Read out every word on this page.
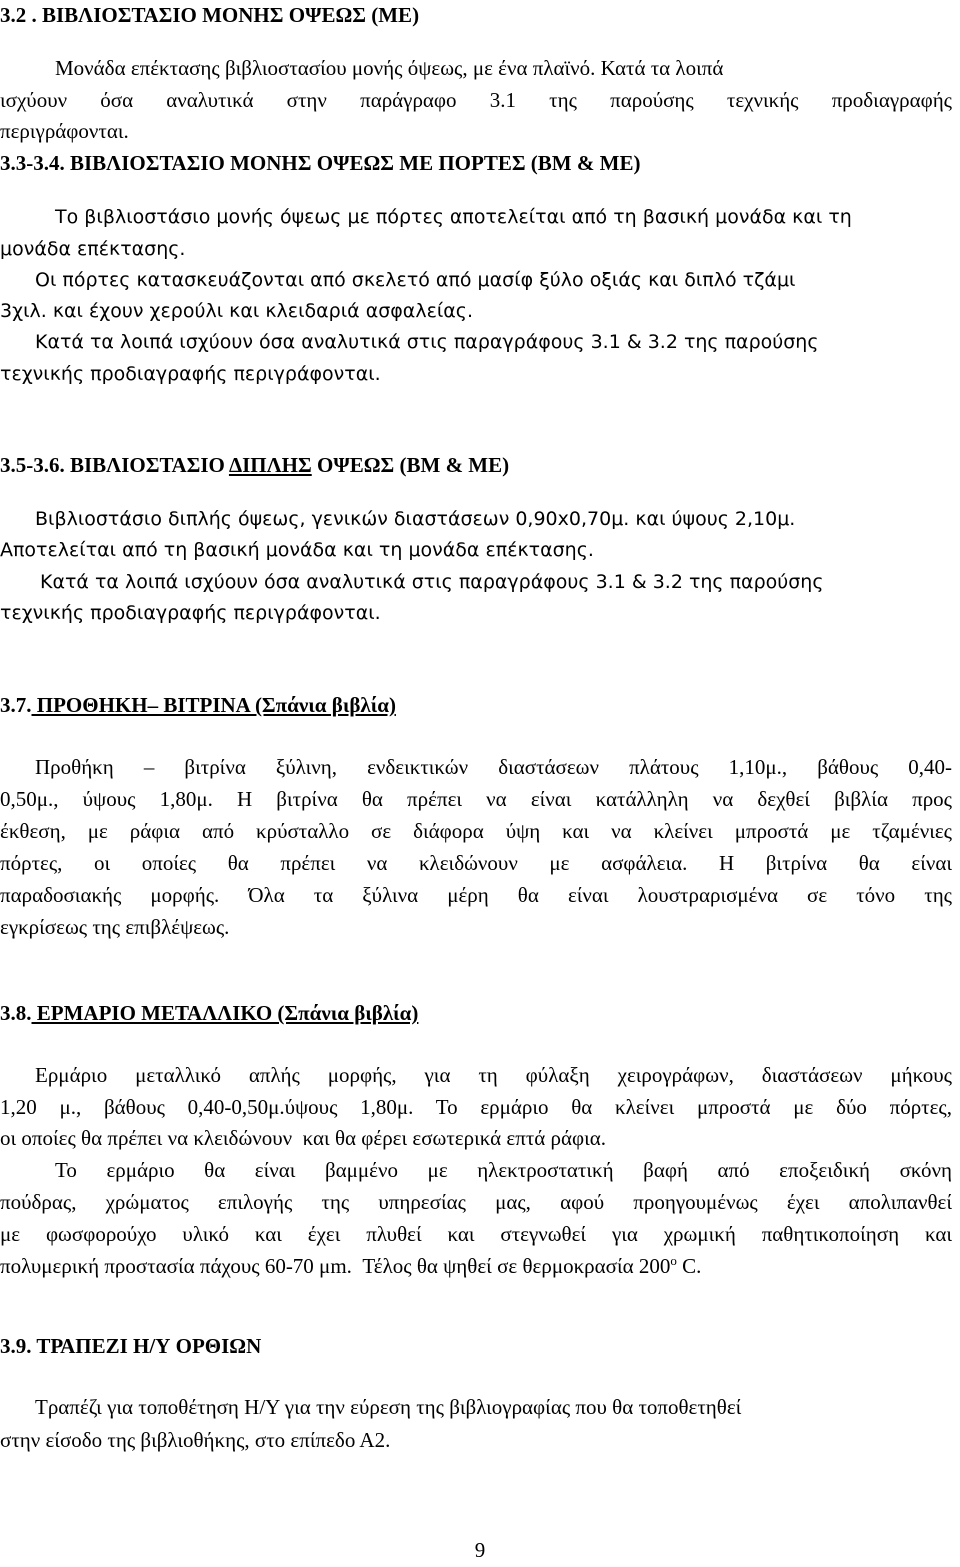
3.2 . ΒΙΒΛΙΟΣΤΑΣΙΟ ΜΟΝΗΣ ΟΨΕΩΣ (ΜΕ)
Μονάδα επέκτασης βιβλιοστασίου μονής όψεως, με ένα πλαϊνό. Κατά τα λοιπά
ισχύουν όσα αναλυτικά στην παράγραφο 3.1 της παρούσης τεχνικής προδιαγραφής
περιγράφονται.
3.3-3.4. ΒΙΒΛΙΟΣΤΑΣΙΟ ΜΟΝΗΣ ΟΨΕΩΣ ΜΕ ΠΟΡΤΕΣ (ΒΜ & ΜΕ)
Το βιβλιοστάσιο μονής όψεως με πόρτες αποτελείται από τη βασική μονάδα και τη
μονάδα επέκτασης.
Οι πόρτες κατασκευάζονται από σκελετό από μασίφ ξύλο οξιάς και διπλό τζάμι
3χιλ. και έχουν χερούλι και κλειδαριά ασφαλείας.
Κατά τα λοιπά ισχύουν όσα αναλυτικά στις παραγράφους 3.1 & 3.2 της παρούσης
τεχνικής προδιαγραφής περιγράφονται.
3.5-3.6. ΒΙΒΛΙΟΣΤΑΣΙΟ ΔΙΠΛΗΣ ΟΨΕΩΣ (ΒΜ & ΜΕ)
Βιβλιοστάσιο διπλής όψεως, γενικών διαστάσεων 0,90x0,70μ. και ύψους 2,10μ.
Αποτελείται από τη βασική μονάδα και τη μονάδα επέκτασης.
Κατά τα λοιπά ισχύουν όσα αναλυτικά στις παραγράφους 3.1 & 3.2 της παρούσης
τεχνικής προδιαγραφής περιγράφονται.
3.7. ΠΡΟΘΗΚΗ– ΒΙΤΡΙΝΑ (Σπάνια βιβλία)
Προθήκη – βιτρίνα ξύλινη, ενδεικτικών διαστάσεων πλάτους 1,10μ., βάθους 0,40-
0,50μ., ύψους 1,80μ. Η βιτρίνα θα πρέπει να είναι κατάλληλη να δεχθεί βιβλία προς
έκθεση, με ράφια από κρύσταλλο σε διάφορα ύψη και να κλείνει μπροστά με τζαμένιες
πόρτες, οι οποίες θα πρέπει να κλειδώνουν με ασφάλεια. Η βιτρίνα θα είναι
παραδοσιακής μορφής. Όλα τα ξύλινα μέρη θα είναι λουστραρισμένα σε τόνο της
εγκρίσεως της επιβλέψεως.
3.8. ΕΡΜΑΡΙΟ ΜΕΤΑΛΛΙΚΟ (Σπάνια βιβλία)
Ερμάριο μεταλλικό απλής μορφής, για τη φύλαξη χειρογράφων, διαστάσεων μήκους
1,20 μ., βάθους 0,40-0,50μ.ύψους 1,80μ. Το ερμάριο θα κλείνει μπροστά με δύο πόρτες,
οι οποίες θα πρέπει να κλειδώνουν  και θα φέρει εσωτερικά επτά ράφια.
Το ερμάριο θα είναι βαμμένο με ηλεκτροστατική βαφή από εποξειδική σκόνη
πούδρας, χρώματος επιλογής της υπηρεσίας μας, αφού προηγουμένως έχει απολιπανθεί
με φωσφορούχο υλικό και έχει πλυθεί και στεγνωθεί για χρωμική παθητικοποίηση και
πολυμερική προστασία πάχους 60-70 μm.  Τέλος θα ψηθεί σε θερμοκρασία 200$^o$ C.
3.9. ΤΡΑΠΕΖΙ Η/Υ ΟΡΘΙΩΝ
Τραπέζι για τοποθέτηση Η/Υ για την εύρεση της βιβλιογραφίας που θα τοποθετηθεί
στην είσοδο της βιβλιοθήκης, στο επίπεδο Α2.
9
